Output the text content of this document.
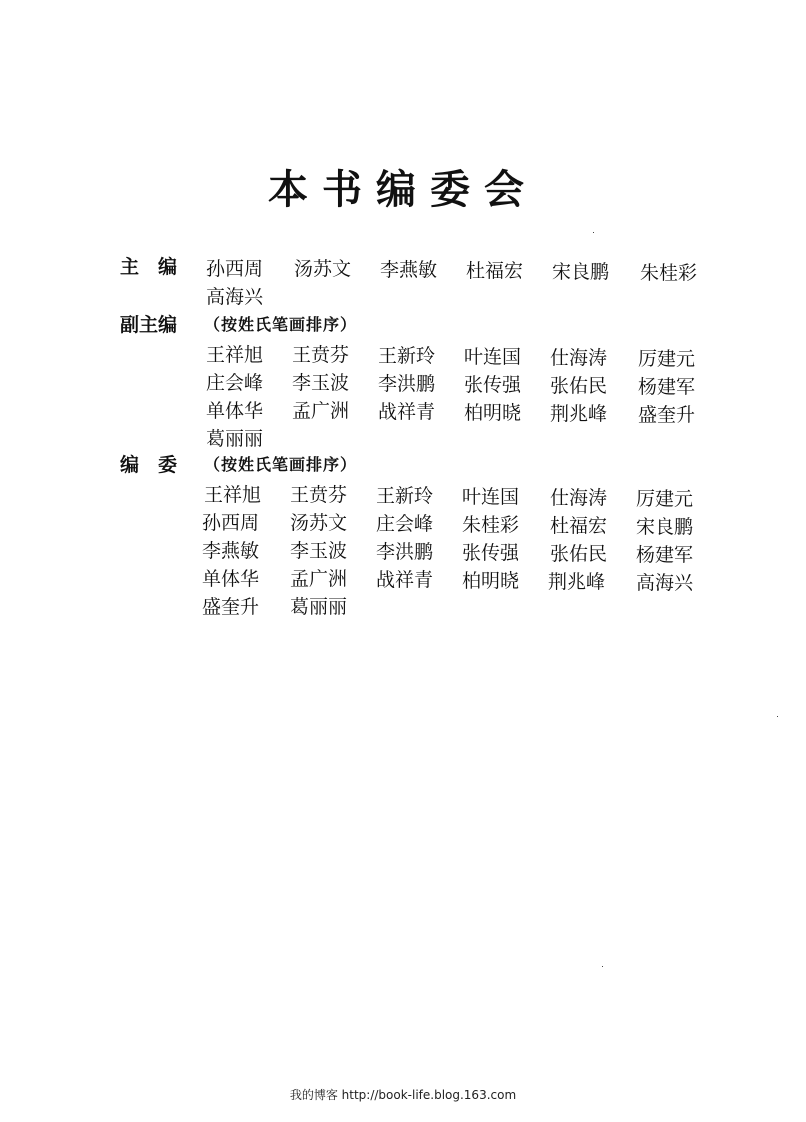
本书编委会
主　编 孙西周 汤苏文 李燕敏 杜福宏 宋良鹏 朱桂彩
高海兴
副主编 （按姓氏笔画排序）
王祥旭 王贲芬 王新玲 叶连国 仕海涛 厉建元
庄会峰 李玉波 李洪鹏 张传强 张佑民 杨建军
单体华 孟广洲 战祥青 柏明晓 荆兆峰 盛奎升
葛丽丽
编　委 （按姓氏笔画排序）
王祥旭 王贲芬 王新玲 叶连国 仕海涛 厉建元
孙西周 汤苏文 庄会峰 朱桂彩 杜福宏 宋良鹏
李燕敏 李玉波 李洪鹏 张传强 张佑民 杨建军
单体华 孟广洲 战祥青 柏明晓 荆兆峰 高海兴
盛奎升 葛丽丽
我的博客 http://book-life.blog.163.com
